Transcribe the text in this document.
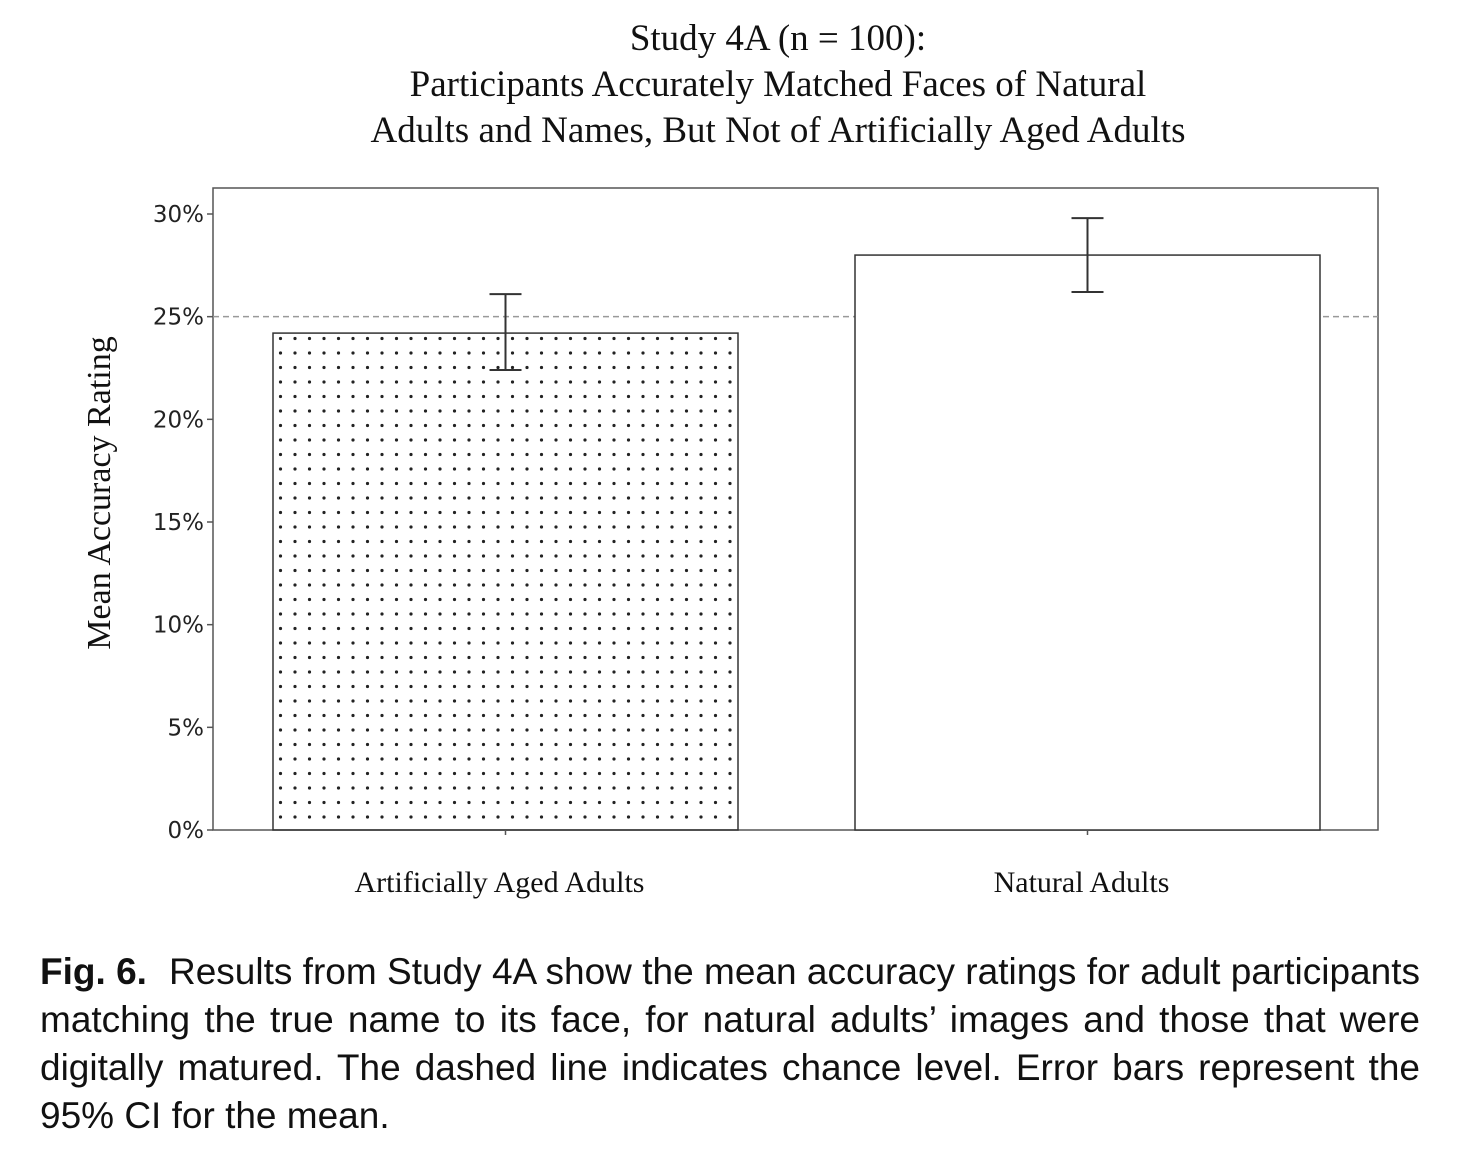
Study 4A (n = 100):
Participants Accurately Matched Faces of Natural
Adults and Names, But Not of Artificially Aged Adults
Mean Accuracy Rating
0%
5%
10%
15%
20%
25%
30%
Artificially Aged Adults	Natural Adults
Fig. 6. Results from Study 4A show the mean accuracy ratings for adult participants matching the true name to its face, for natural adults’ images and those that were digitally matured. The dashed line indicates chance level. Error bars represent the 95% CI for the mean.
